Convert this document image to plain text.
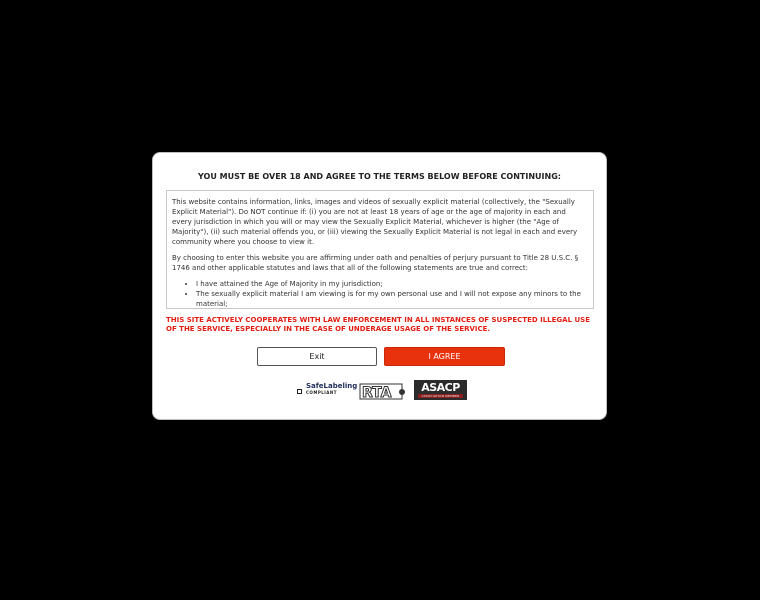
YOU MUST BE OVER 18 AND AGREE TO THE TERMS BELOW BEFORE CONTINUING:

This website contains information, links, images and videos of sexually explicit material (collectively, the "Sexually Explicit Material"). Do NOT continue if: (i) you are not at least 18 years of age or the age of majority in each and every jurisdiction in which you will or may view the Sexually Explicit Material, whichever is higher (the "Age of Majority"), (ii) such material offends you, or (iii) viewing the Sexually Explicit Material is not legal in each and every community where you choose to view it.

By choosing to enter this website you are affirming under oath and penalties of perjury pursuant to Title 28 U.S.C. § 1746 and other applicable statutes and laws that all of the following statements are true and correct:

• I have attained the Age of Majority in my jurisdiction;
• The sexually explicit material I am viewing is for my own personal use and I will not expose any minors to the material;
THIS SITE ACTIVELY COOPERATES WITH LAW ENFORCEMENT IN ALL INSTANCES OF SUSPECTED ILLEGAL USE OF THE SERVICE, ESPECIALLY IN THE CASE OF UNDERAGE USAGE OF THE SERVICE.
Exit	I AGREE
SafeLabeling
COMPLIANT	RTA	ASACP
ASSOCIATION MEMBER
